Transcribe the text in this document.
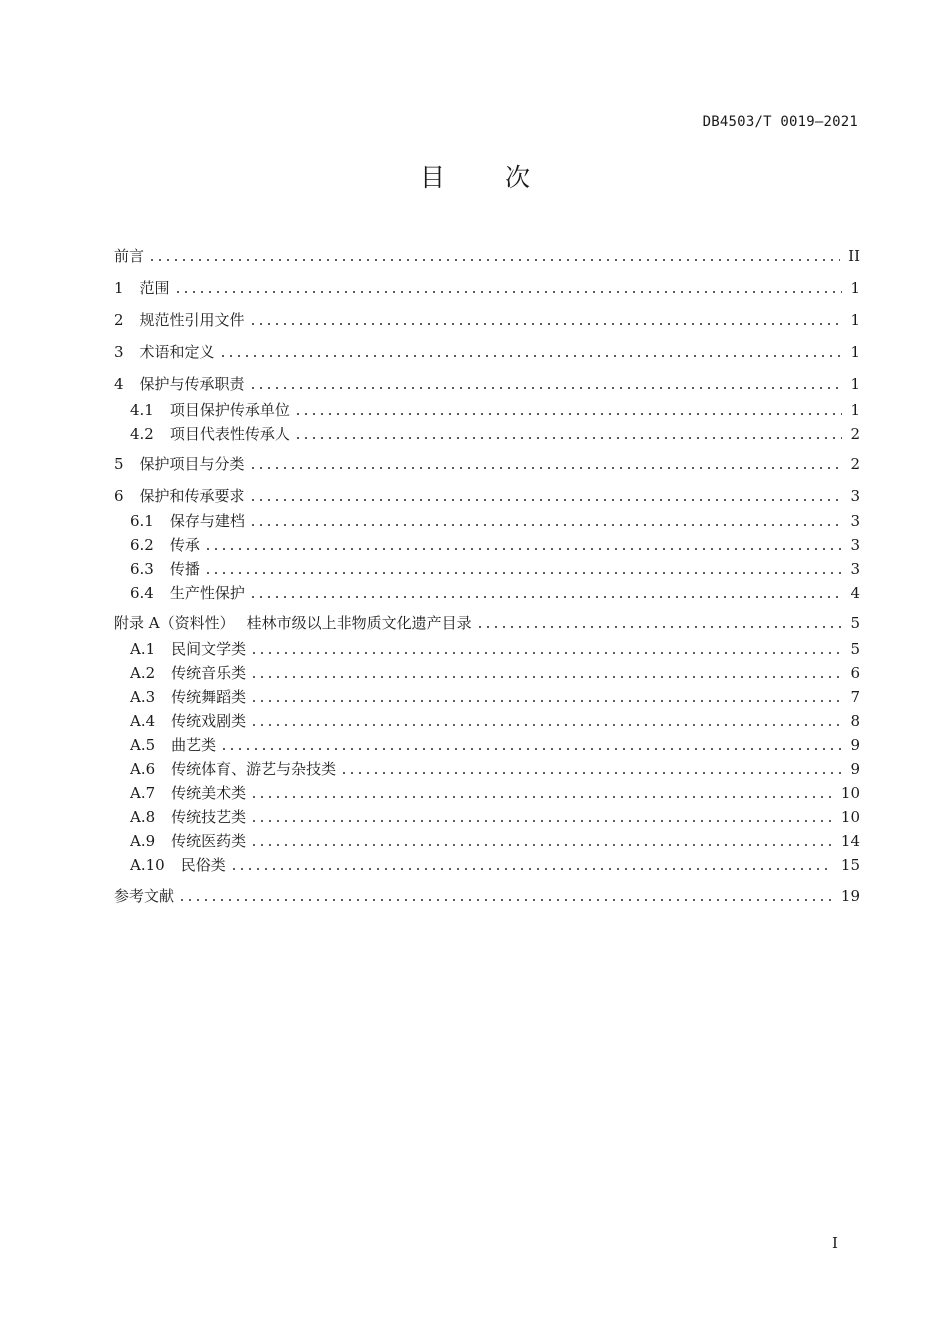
DB4503/T 0019—2021
目次
前言	II
1 范围	1
2 规范性引用文件	1
3 术语和定义	1
4 保护与传承职责	1
4.1 项目保护传承单位	1
4.2 项目代表性传承人	2
5 保护项目与分类	2
6 保护和传承要求	3
6.1 保存与建档	3
6.2 传承	3
6.3 传播	3
6.4 生产性保护	4
附录 A（资料性） 桂林市级以上非物质文化遗产目录	5
A.1 民间文学类	5
A.2 传统音乐类	6
A.3 传统舞蹈类	7
A.4 传统戏剧类	8
A.5 曲艺类	9
A.6 传统体育、游艺与杂技类	9
A.7 传统美术类	10
A.8 传统技艺类	10
A.9 传统医药类	14
A.10 民俗类	15
参考文献	19
I
